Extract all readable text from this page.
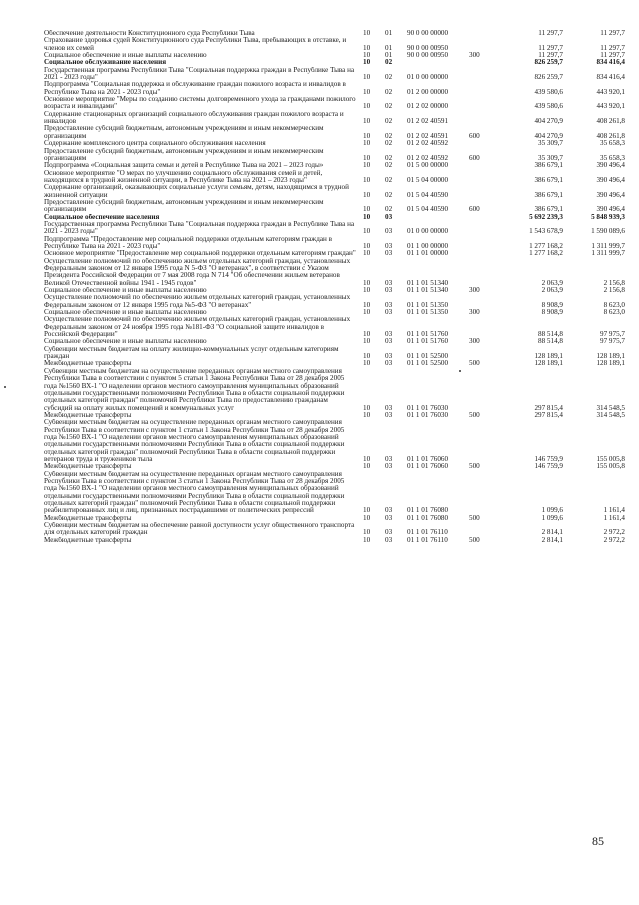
Обеспечение деятельности Конституционного суда Республики Тыва	10	01	90 0 00 00000		11 297,7	11 297,7
Страхование здоровья судей Конституционного суда Республики Тыва, пребывающих в отставке, и членов их семей	10	01	90 0 00 00950		11 297,7	11 297,7
Социальное обеспечение и иные выплаты населению	10	01	90 0 00 00950	300	11 297,7	11 297,7
Социальное обслуживание населения	10	02			826 259,7	834 416,4
Государственная программа Республики Тыва "Социальная поддержка граждан в Республике Тыва на 2021 - 2023 годы"	10	02	01 0 00 00000		826 259,7	834 416,4
Подпрограмма "Социальная поддержка и обслуживание граждан пожилого возраста и инвалидов в Республике Тыва на 2021 - 2023 годы"	10	02	01 2 00 00000		439 580,6	443 920,1
Основное мероприятие "Меры по созданию системы долговременного ухода за гражданами пожилого возраста и инвалидами"	10	02	01 2 02 00000		439 580,6	443 920,1
Содержание стационарных организаций социального обслуживания граждан пожилого возраста и инвалидов	10	02	01 2 02 40591		404 270,9	408 261,8
Предоставление субсидий бюджетным, автономным учреждениям и иным некоммерческим организациям	10	02	01 2 02 40591	600	404 270,9	408 261,8
Содержание комплексного центра социального обслуживания населения	10	02	01 2 02 40592		35 309,7	35 658,3
Предоставление субсидий бюджетным, автономным учреждениям и иным некоммерческим организациям	10	02	01 2 02 40592	600	35 309,7	35 658,3
Подпрограмма «Социальная защита семьи и детей в Республике Тыва на 2021 – 2023 годы»	10	02	01 5 00 00000		386 679,1	390 496,4
Основное мероприятие "О мерах по улучшению социального обслуживания семей и детей, находящихся в трудной жизненной ситуации, в Республике Тыва на 2021 – 2023 годы"	10	02	01 5 04 00000		386 679,1	390 496,4
Содержание организаций, оказывающих социальные услуги семьям, детям, находящимся в трудной жизненной ситуации	10	02	01 5 04 40590		386 679,1	390 496,4
Предоставление субсидий бюджетным, автономным учреждениям и иным некоммерческим организациям	10	02	01 5 04 40590	600	386 679,1	390 496,4
Социальное обеспечение населения	10	03			5 692 239,3	5 848 939,3
Государственная программа Республики Тыва "Социальная поддержка граждан в Республике Тыва на 2021 - 2023 годы"	10	03	01 0 00 00000		1 543 678,9	1 590 089,6
Подпрограмма "Предоставление мер социальной поддержки отдельным категориям граждан в Республике Тыва на 2021 - 2023 годы"	10	03	01 1 00 00000		1 277 168,2	1 311 999,7
Основное мероприятие "Предоставление мер социальной поддержки отдельным категориям граждан"	10	03	01 1 01 00000		1 277 168,2	1 311 999,7
Осуществление полномочий по обеспечению жильем отдельных категорий граждан, установленных Федеральным законом от 12 января 1995 года N 5-ФЗ "О ветеранах", в соответствии с Указом Президента Российской Федерации от 7 мая 2008 года N 714 "Об обеспечении жильем ветеранов Великой Отечественной войны 1941 - 1945 годов"	10	03	01 1 01 51340		2 063,9	2 156,8
Социальное обеспечение и иные выплаты населению	10	03	01 1 01 51340	300	2 063,9	2 156,8
Осуществление полномочий по обеспечению жильем отдельных категорий граждан, установленных Федеральным законом от 12 января 1995 года №5-ФЗ "О ветеранах"	10	03	01 1 01 51350		8 908,9	8 623,0
Социальное обеспечение и иные выплаты населению	10	03	01 1 01 51350	300	8 908,9	8 623,0
Осуществление полномочий по обеспечению жильем отдельных категорий граждан, установленных Федеральным законом от 24 ноября 1995 года №181-ФЗ "О социальной защите инвалидов в Российской Федерации"	10	03	01 1 01 51760		88 514,8	97 975,7
Социальное обеспечение и иные выплаты населению	10	03	01 1 01 51760	300	88 514,8	97 975,7
Субвенции местным бюджетам на оплату жилищно-коммунальных услуг отдельным категориям граждан	10	03	01 1 01 52500		128 189,1	128 189,1
Межбюджетные трансферты	10	03	01 1 01 52500	500	128 189,1	128 189,1
Субвенции местным бюджетам на осуществление переданных органам местного самоуправления Республики Тыва в соответствии с пунктом 5 статьи 1 Закона Республики Тыва от 28 декабря 2005 года №1560 ВХ-1 "О наделении органов местного самоуправления муниципальных образований отдельными государственными полномочиями Республики Тыва в области социальной поддержки отдельных категорий граждан" полномочий Республики Тыва по предоставлению гражданам субсидий на оплату жилых помещений и коммунальных услуг	10	03	01 1 01 76030		297 815,4	314 548,5
Межбюджетные трансферты	10	03	01 1 01 76030	500	297 815,4	314 548,5
Субвенции местным бюджетам на осуществление переданных органам местного самоуправления Республики Тыва в соответствии с пунктом 1 статьи 1 Закона Республики Тыва от 28 декабря 2005 года №1560 ВХ-1 "О наделении органов местного самоуправления муниципальных образований отдельными государственными полномочиями Республики Тыва в области социальной поддержки отдельных категорий граждан" полномочий Республики Тыва в области социальной поддержки ветеранов труда и тружеников тыла	10	03	01 1 01 76060		146 759,9	155 005,8
Межбюджетные трансферты	10	03	01 1 01 76060	500	146 759,9	155 005,8
Субвенции местным бюджетам на осуществление переданных органам местного самоуправления Республики Тыва в соответствии с пунктом 3 статьи 1 Закона Республики Тыва от 28 декабря 2005 года №1560 ВХ-1 "О наделении органов местного самоуправления муниципальных образований отдельными государственными полномочиями Республики Тыва в области социальной поддержки отдельных категорий граждан" полномочий Республики Тыва в области социальной поддержки реабилитированных лиц и лиц, признанных пострадавшими от политических репрессий	10	03	01 1 01 76080		1 099,6	1 161,4
Межбюджетные трансферты	10	03	01 1 01 76080	500	1 099,6	1 161,4
Субвенции местным бюджетам на обеспечение равной доступности услуг общественного транспорта для отдельных категорий граждан	10	03	01 1 01 76110		2 814,1	2 972,2
Межбюджетные трансферты	10	03	01 1 01 76110	500	2 814,1	2 972,2
85
